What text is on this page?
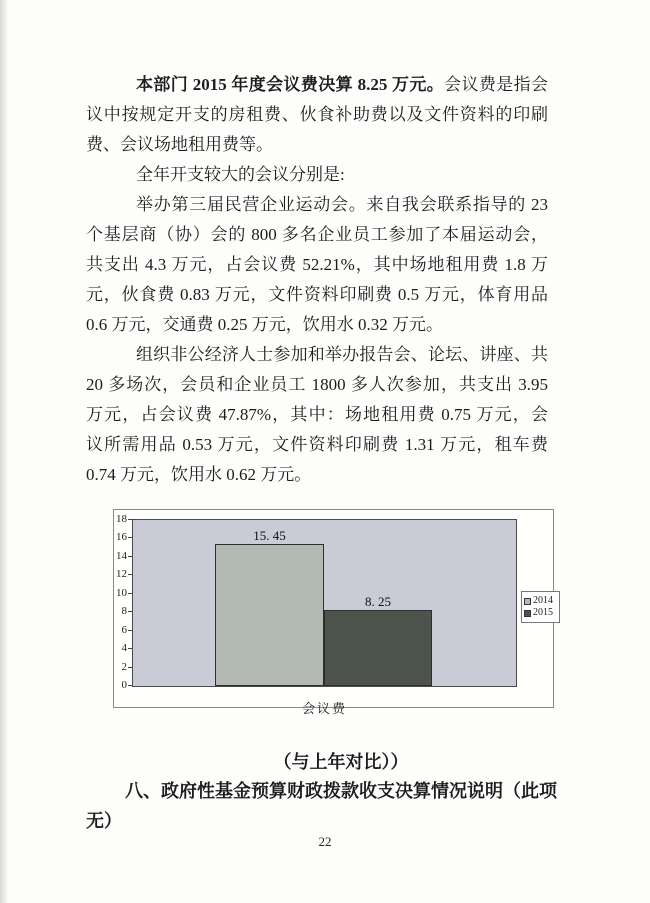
本部门 2015 年度会议费决算 8.25 万元。会议费是指会
议中按规定开支的房租费、伙食补助费以及文件资料的印刷
费、会议场地租用费等。
全年开支较大的会议分别是:
举办第三届民营企业运动会。来自我会联系指导的 23
个基层商（协）会的 800 多名企业员工参加了本届运动会，
共支出 4.3 万元，占会议费 52.21%，其中场地租用费 1.8 万
元，伙食费 0.83 万元，文件资料印刷费 0.5 万元，体育用品
0.6 万元，交通费 0.25 万元，饮用水 0.32 万元。
组织非公经济人士参加和举办报告会、论坛、讲座、共
20 多场次，会员和企业员工 1800 多人次参加，共支出 3.95
万元，占会议费 47.87%，其中：场地租用费 0.75 万元，会
议所需用品 0.53 万元，文件资料印刷费 1.31 万元，租车费
0.74 万元，饮用水 0.62 万元。
0
2
4
6
8
10
12
14
16
18
15. 45
8. 25
会议费
2014
2015
（与上年对比））
八、政府性基金预算财政拨款收支决算情况说明（此项
无）
22
